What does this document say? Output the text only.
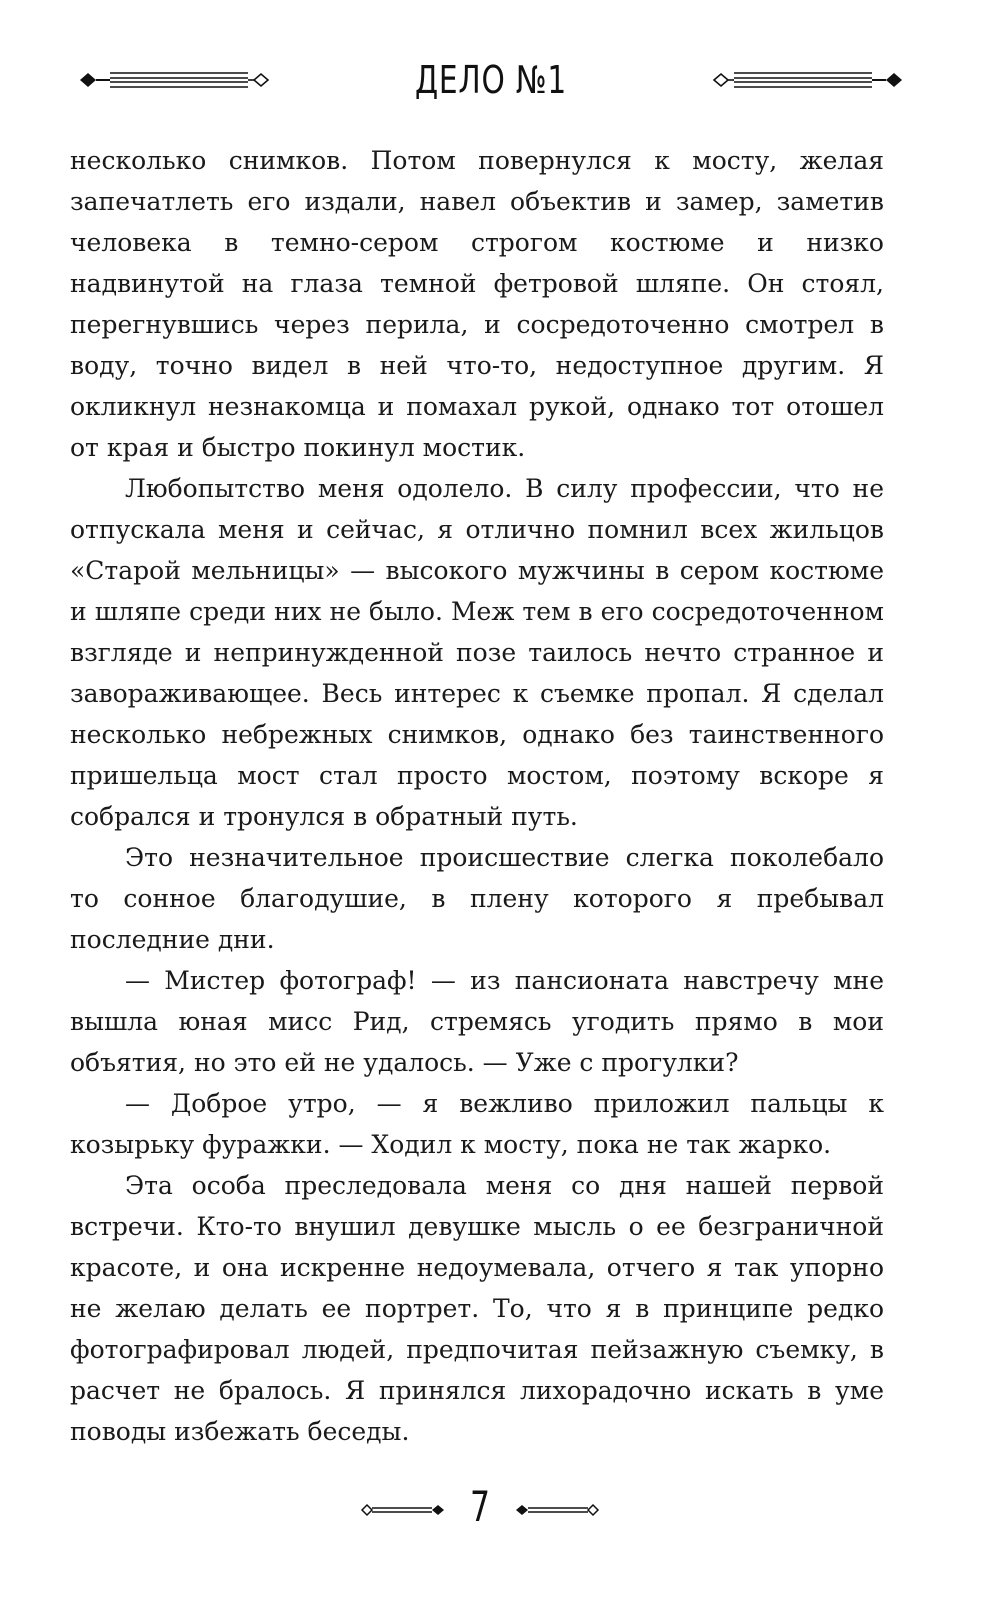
ДЕЛО №1

несколько снимков. Потом повернулся к мосту, желая запечатлеть его издали, навел объектив и замер, заметив человека в темно-сером строгом костюме и низко надвинутой на глаза темной фетровой шляпе. Он стоял, перегнувшись через перила, и сосредоточенно смотрел в воду, точно видел в ней что-то, недоступное другим. Я окликнул незнакомца и помахал рукой, однако тот отошел от края и быстро покинул мостик.

Любопытство меня одолело. В силу профессии, что не отпускала меня и сейчас, я отлично помнил всех жильцов «Старой мельницы» — высокого мужчины в сером костюме и шляпе среди них не было. Меж тем в его сосредоточенном взгляде и непринужденной позе таилось нечто странное и завораживающее. Весь интерес к съемке пропал. Я сделал несколько небрежных снимков, однако без таинственного пришельца мост стал просто мостом, поэтому вскоре я собрался и тронулся в обратный путь.

Это незначительное происшествие слегка поколебало то сонное благодушие, в плену которого я пребывал последние дни.

— Мистер фотограф! — из пансионата навстречу мне вышла юная мисс Рид, стремясь угодить прямо в мои объятия, но это ей не удалось. — Уже с прогулки?

— Доброе утро, — я вежливо приложил пальцы к козырьку фуражки. — Ходил к мосту, пока не так жарко.

Эта особа преследовала меня со дня нашей первой встречи. Кто-то внушил девушке мысль о ее безграничной красоте, и она искренне недоумевала, отчего я так упорно не желаю делать ее портрет. То, что я в принципе редко фотографировал людей, предпочитая пейзажную съемку, в расчет не бралось. Я принялся лихорадочно искать в уме поводы избежать беседы.

7
